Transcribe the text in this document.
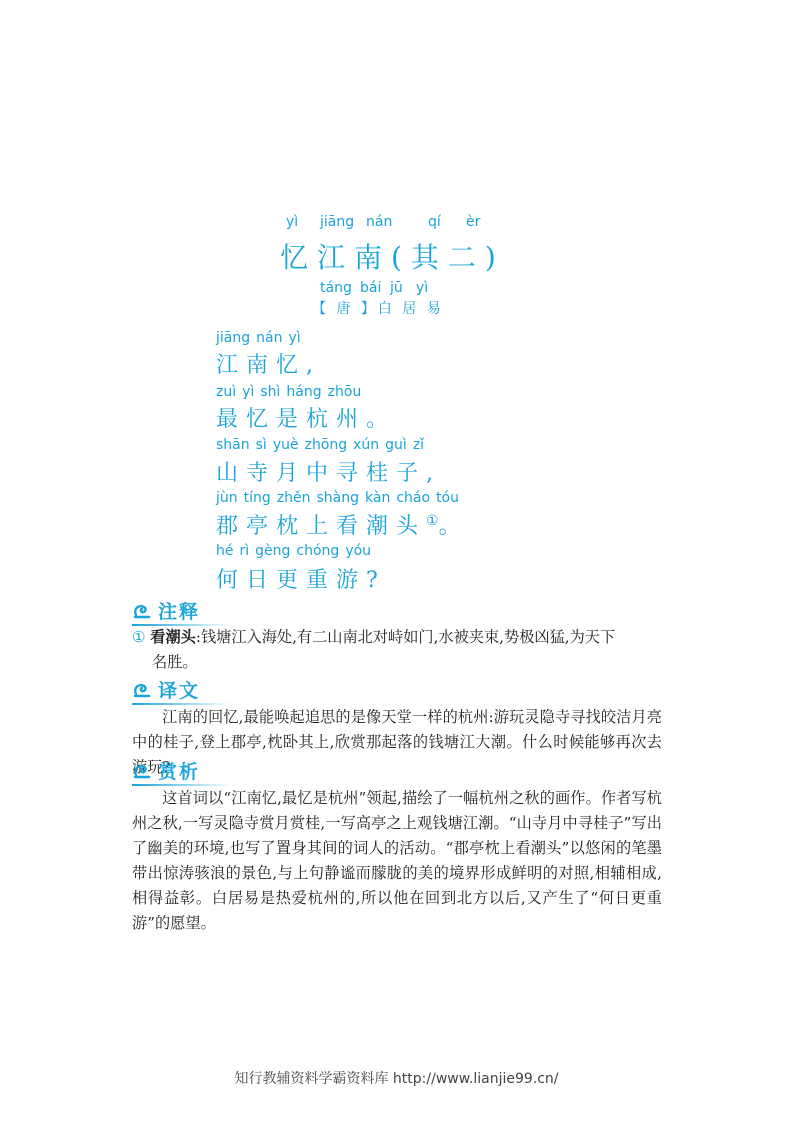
yì jiāng nán	qí èr
忆江南(其二)
táng bái jū yì
【 唐 】白 居 易
jiāng nán yì
江南忆,
zuì yì shì háng zhōu
最忆是杭州。
shān sì yuè zhōng xún guì zǐ
山寺月中寻桂子,
jùn tíng zhěn shàng kàn cháo tóu
郡亭枕上看潮头①。
hé rì gèng chóng yóu
何日更重游?
注释
① 看潮头:钱塘江入海处,有二山南北对峙如门,水被夹束,势极凶猛,为天下
名胜。
译文
江南的回忆,最能唤起追思的是像天堂一样的杭州:游玩灵隐寺寻找皎洁月亮中的桂子,登上郡亭,枕卧其上,欣赏那起落的钱塘江大潮。什么时候能够再次去游玩?
赏析
这首词以“江南忆,最忆是杭州”领起,描绘了一幅杭州之秋的画作。作者写杭州之秋,一写灵隐寺赏月赏桂,一写高亭之上观钱塘江潮。“山寺月中寻桂子”写出了幽美的环境,也写了置身其间的词人的活动。“郡亭枕上看潮头”以悠闲的笔墨带出惊涛骇浪的景色,与上句静谧而朦胧的美的境界形成鲜明的对照,相辅相成,相得益彰。白居易是热爱杭州的,所以他在回到北方以后,又产生了“何日更重游”的愿望。
知行教辅资料学霸资料库 http://www.lianjie99.cn/
